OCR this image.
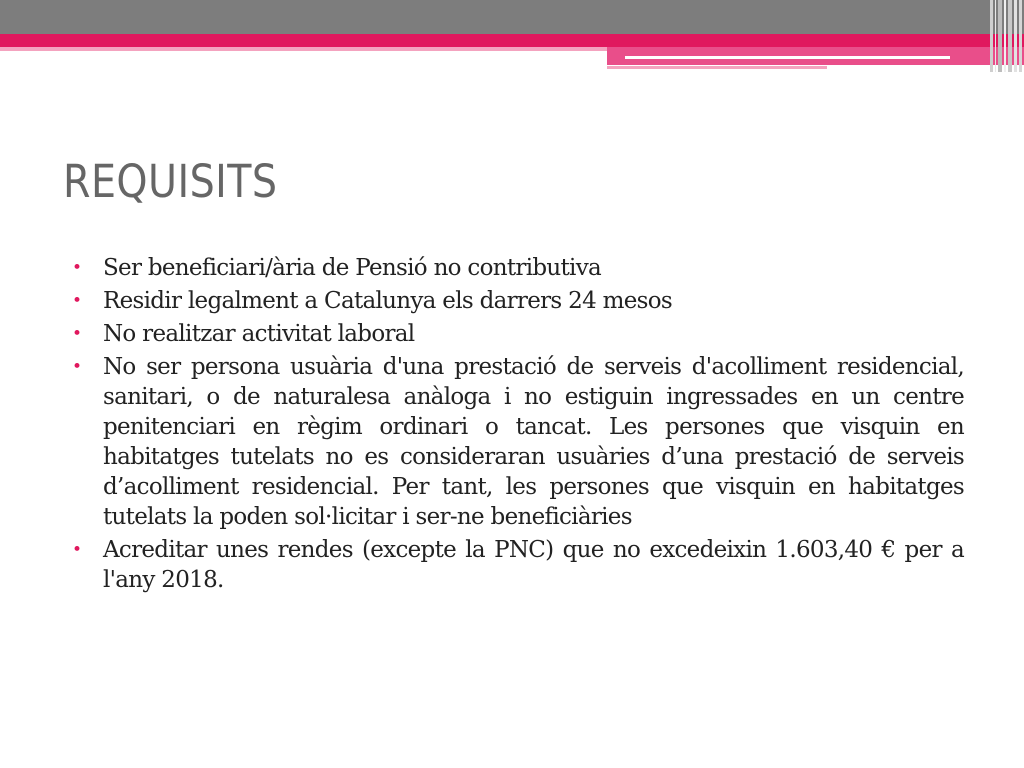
REQUISITS
• Ser beneficiari/ària de Pensió no contributiva
• Residir legalment a Catalunya els darrers 24 mesos
• No realitzar activitat laboral
• No ser persona usuària d'una prestació de serveis d'acolliment residencial, sanitari, o de naturalesa anàloga i no estiguin ingressades en un centre penitenciari en règim ordinari o tancat. Les persones que visquin en habitatges tutelats no es consideraran usuàries d’una prestació de serveis d’acolliment residencial. Per tant, les persones que visquin en habitatges tutelats la poden sol·licitar i ser-ne beneficiàries
• Acreditar unes rendes (excepte la PNC) que no excedeixin 1.603,40 € per a l'any 2018.
